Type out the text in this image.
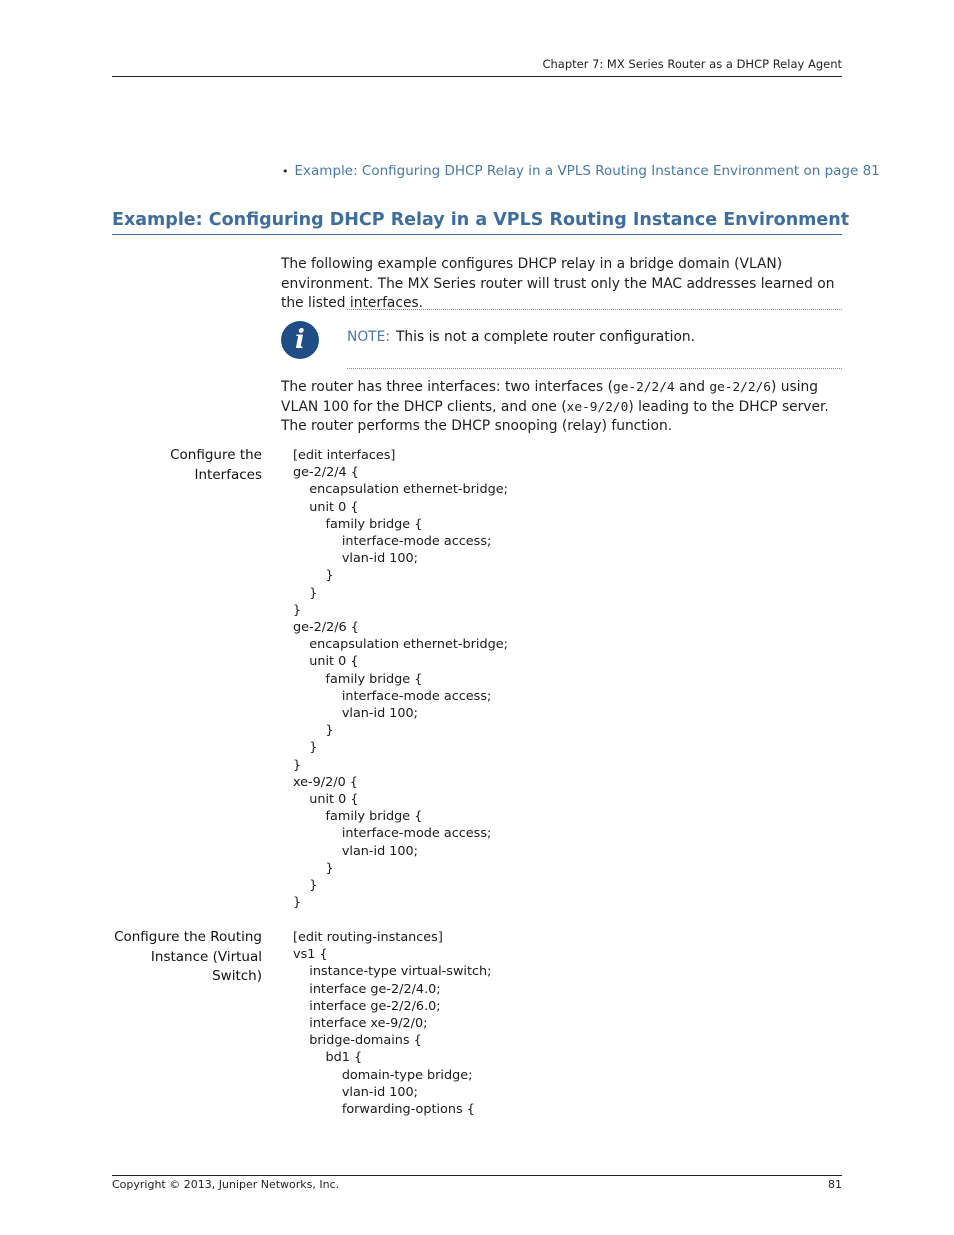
Chapter 7: MX Series Router as a DHCP Relay Agent
• Example: Configuring DHCP Relay in a VPLS Routing Instance Environment on page 81
Example: Configuring DHCP Relay in a VPLS Routing Instance Environment
The following example configures DHCP relay in a bridge domain (VLAN) environment. The MX Series router will trust only the MAC addresses learned on the listed interfaces.
i	NOTE: This is not a complete router configuration.
The router has three interfaces: two interfaces (ge-2/2/4 and ge-2/2/6) using VLAN 100 for the DHCP clients, and one (xe-9/2/0) leading to the DHCP server. The router performs the DHCP snooping (relay) function.
Configure the Interfaces
[edit interfaces]
ge-2/2/4 {
encapsulation ethernet-bridge;
unit 0 {
family bridge {
interface-mode access;
vlan-id 100;
}
}
}
ge-2/2/6 {
encapsulation ethernet-bridge;
unit 0 {
family bridge {
interface-mode access;
vlan-id 100;
}
}
}
xe-9/2/0 {
unit 0 {
family bridge {
interface-mode access;
vlan-id 100;
}
}
}
Configure the Routing Instance (Virtual Switch)
[edit routing-instances]
vs1 {
instance-type virtual-switch;
interface ge-2/2/4.0;
interface ge-2/2/6.0;
interface xe-9/2/0;
bridge-domains {
bd1 {
domain-type bridge;
vlan-id 100;
forwarding-options {
Copyright © 2013, Juniper Networks, Inc.	81
